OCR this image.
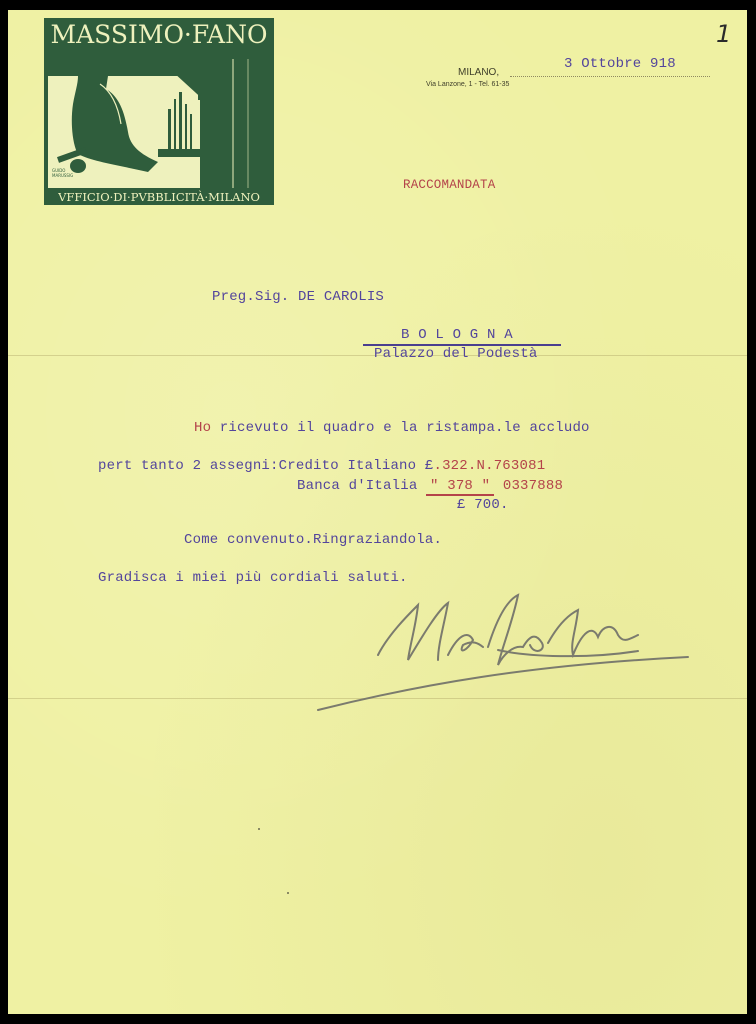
MASSIMO·FANO
GUIDO MARUSSIG
VFFICIO·DI·PVBBLICITÀ·MILANO
1
MILANO,
3 Ottobre 918
Via Lanzone, 1 - Tel. 61-35
RACCOMANDATA
Preg.Sig. DE CAROLIS
B O L O G N A
Palazzo del Podestà
Ho ricevuto il quadro e la ristampa.le accludo
pert tanto 2 assegni:Credito Italiano £.322.N.763081
Banca d'Italia " 378 " 0337888
£ 700.
Come convenuto.Ringraziandola.
Gradisca i miei più cordiali saluti.
